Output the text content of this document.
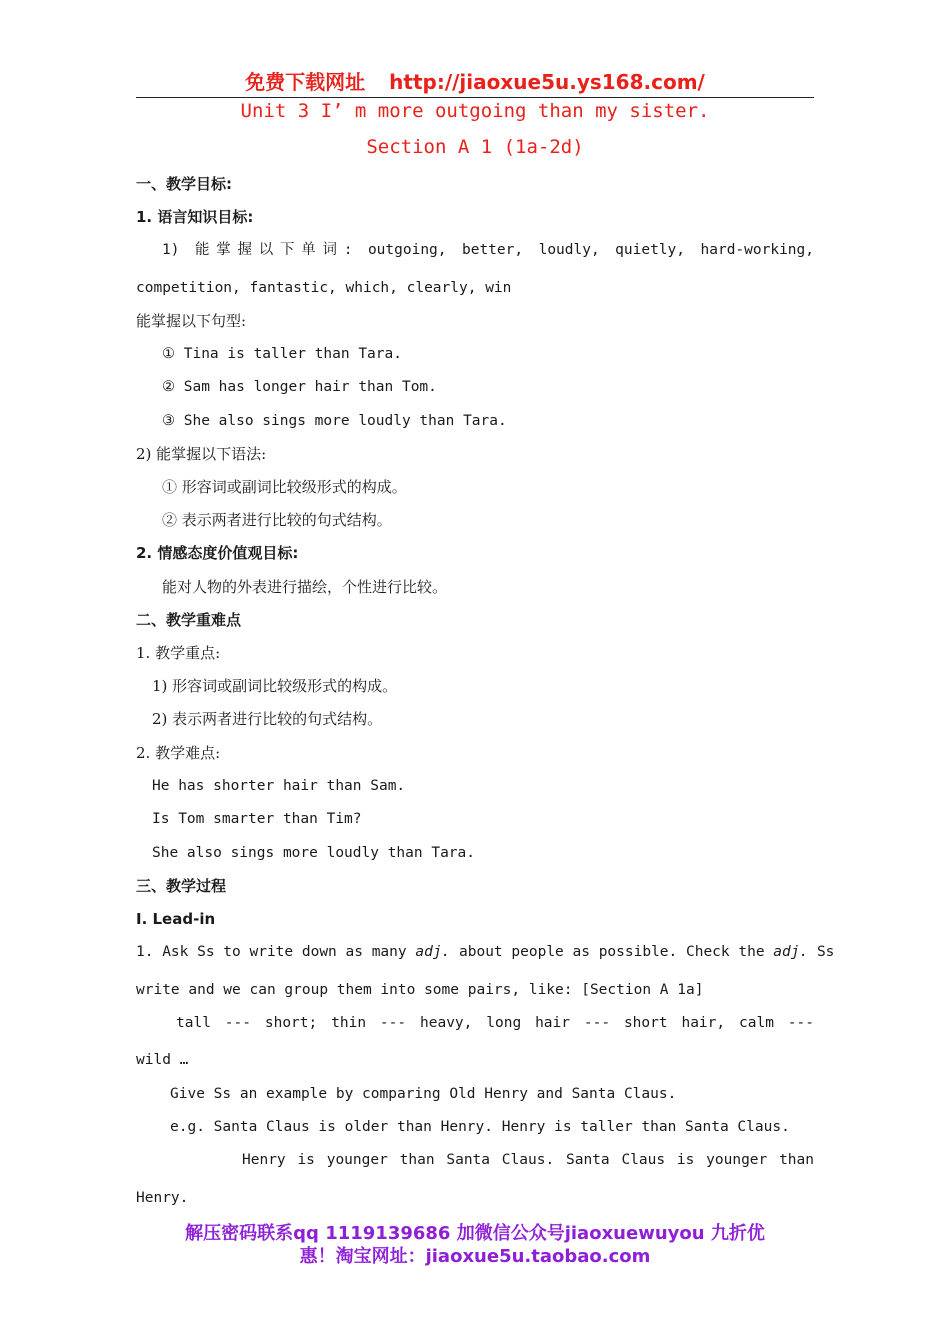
免费下载网址 http://jiaoxue5u.ys168.com/
Unit 3 I’ m more outgoing than my sister.
Section A 1 (1a-2d)
一、教学目标:
1. 语言知识目标:
1) 能掌握以下单词: outgoing, better, loudly, quietly, hard-working,
competition, fantastic, which, clearly, win
能掌握以下句型:
① Tina is taller than Tara.
② Sam has longer hair than Tom.
③ She also sings more loudly than Tara.
2) 能掌握以下语法:
① 形容词或副词比较级形式的构成。
② 表示两者进行比较的句式结构。
2. 情感态度价值观目标:
能对人物的外表进行描绘，个性进行比较。
二、教学重难点
1. 教学重点:
1) 形容词或副词比较级形式的构成。
2) 表示两者进行比较的句式结构。
2. 教学难点:
He has shorter hair than Sam.
Is Tom smarter than Tim?
She also sings more loudly than Tara.
三、教学过程
Ⅰ. Lead-in
1. Ask Ss to write down as many adj. about people as possible. Check the adj. Ss
write and we can group them into some pairs, like: [Section A 1a]
tall --- short; thin --- heavy, long hair --- short hair, calm ---
wild …
Give Ss an example by comparing Old Henry and Santa Claus.
e.g. Santa Claus is older than Henry. Henry is taller than Santa Claus.
Henry is younger than Santa Claus. Santa Claus is younger than
Henry.
解压密码联系qq 1119139686 加微信公众号jiaoxuewuyou 九折优
惠！淘宝网址：jiaoxue5u.taobao.com
